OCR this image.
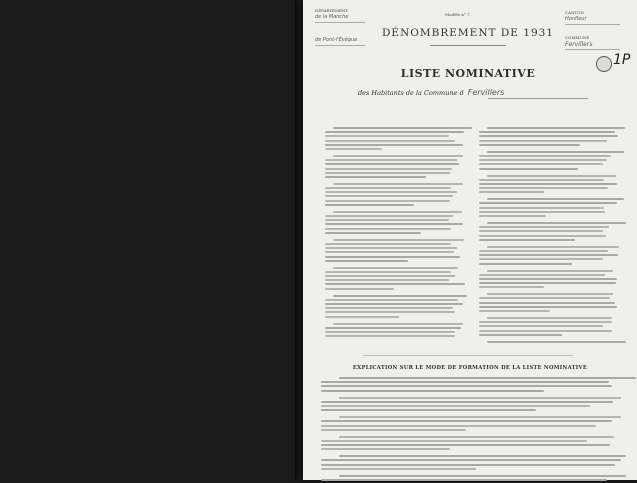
DÉPARTEMENT
de la Manche
de Pont-l'Évêque
Modèle n° 7	CANTON
Honfleur
COMMUNE
Fervillers
DÉNOMBREMENT DE 1931
LISTE NOMINATIVE
des Habitants de la Commune d Fervillers
1P
EXPLICATION SUR LE MODE DE FORMATION DE LA LISTE NOMINATIVE
